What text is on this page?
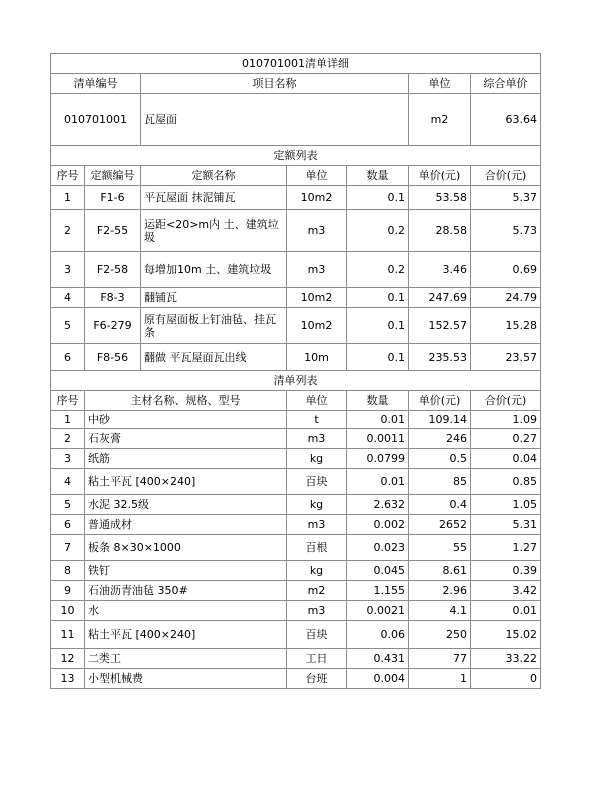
010701001清单详细						
清单编号		项目名称			单位	综合单价
010701001		瓦屋面			m2	63.64
定额列表						
序号	定额编号	定额名称	单位	数量	单价(元)	合价(元)
1	F1-6	平瓦屋面 抹泥铺瓦	10m2	0.1	53.58	5.37
2	F2-55	运距<20>m内 土、建筑垃圾	m3	0.2	28.58	5.73
3	F2-58	每增加10m 土、建筑垃圾	m3	0.2	3.46	0.69
4	F8-3	翻铺瓦	10m2	0.1	247.69	24.79
5	F6-279	原有屋面板上钉油毡、挂瓦条	10m2	0.1	152.57	15.28
6	F8-56	翻做 平瓦屋面瓦出线	10m	0.1	235.53	23.57
清单列表						
序号	主材名称、规格、型号		单位	数量	单价(元)	合价(元)
1	中砂		t	0.01	109.14	1.09
2	石灰膏		m3	0.0011	246	0.27
3	纸筋		kg	0.0799	0.5	0.04
4	粘土平瓦 [400×240]		百块	0.01	85	0.85
5	水泥 32.5级		kg	2.632	0.4	1.05
6	普通成材		m3	0.002	2652	5.31
7	板条 8×30×1000		百根	0.023	55	1.27
8	铁钉		kg	0.045	8.61	0.39
9	石油沥青油毡 350#		m2	1.155	2.96	3.42
10	水		m3	0.0021	4.1	0.01
11	粘土平瓦 [400×240]		百块	0.06	250	15.02
12	二类工		工日	0.431	77	33.22
13	小型机械费		台班	0.004	1	0
